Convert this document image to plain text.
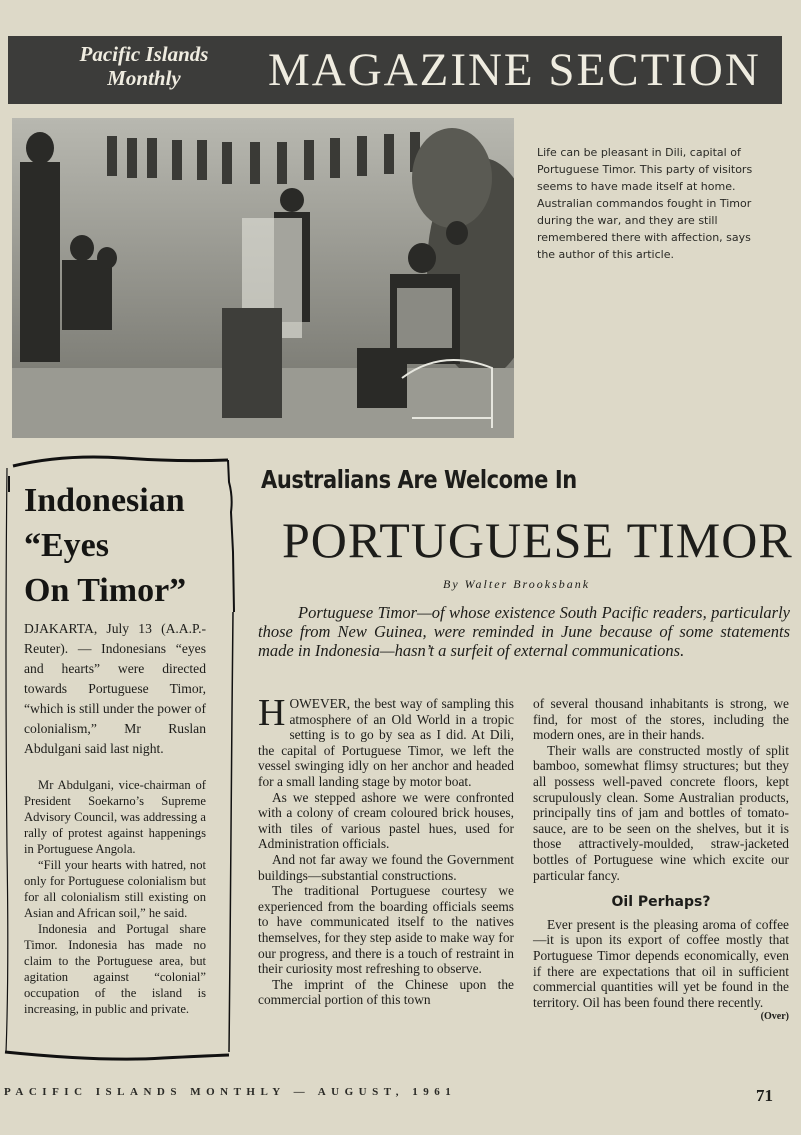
Pacific Islands
Monthly	MAGAZINE SECTION
Life can be pleasant in Dili, capital of Portuguese Timor. This party of visitors seems to have made itself at home. Australian commandos fought in Timor during the war, and they are still remembered there with affection, says the author of this article.
Indonesian
“Eyes
On Timor”

DJAKARTA, July 13 (A.A.P.-Reuter). — Indonesians “eyes and hearts” were directed towards Portuguese Timor, “which is still under the power of colonialism,” Mr Ruslan Abdulgani said last night.

Mr Abdulgani, vice-chairman of President Soekarno’s Supreme Advisory Council, was addressing a rally of protest against happenings in Portuguese Angola.

“Fill your hearts with hatred, not only for Portuguese colonialism but for all colonialism still existing on Asian and African soil,” he said.

Indonesia and Portugal share Timor. Indonesia has made no claim to the Portuguese area, but agitation against “colonial” occupation of the island is increasing, in public and private.

Australians Are Welcome In
PORTUGUESE TIMOR
By Walter Brooksbank
Portuguese Timor—of whose existence South Pacific readers, particularly those from New Guinea, were reminded in June because of some statements made in Indonesia—hasn’t a surfeit of external communications.

HOWEVER, the best way of sampling this atmosphere of an Old World in a tropic setting is to go by sea as I did. At Dili, the capital of Portuguese Timor, we left the vessel swinging idly on her anchor and headed for a small landing stage by motor boat.

As we stepped ashore we were confronted with a colony of cream coloured brick houses, with tiles of various pastel hues, used for Administration officials.

And not far away we found the Government buildings—substantial constructions.

The traditional Portuguese courtesy we experienced from the boarding officials seems to have communicated itself to the natives themselves, for they step aside to make way for our progress, and there is a touch of restraint in their curiosity most refreshing to observe.

The imprint of the Chinese upon the commercial portion of this town

of several thousand inhabitants is strong, we find, for most of the stores, including the modern ones, are in their hands.

Their walls are constructed mostly of split bamboo, somewhat flimsy structures; but they all possess well-paved concrete floors, kept scrupulously clean. Some Australian products, principally tins of jam and bottles of tomato-sauce, are to be seen on the shelves, but it is those attractively-moulded, straw-jacketed bottles of Portuguese wine which excite our particular fancy.

Oil Perhaps?

Ever present is the pleasing aroma of coffee—it is upon its export of coffee mostly that Portuguese Timor depends economically, even if there are expectations that oil in sufficient commercial quantities will yet be found in the territory. Oil has been found there recently.

(Over)
PACIFIC ISLANDS MONTHLY — AUGUST, 1961	71
